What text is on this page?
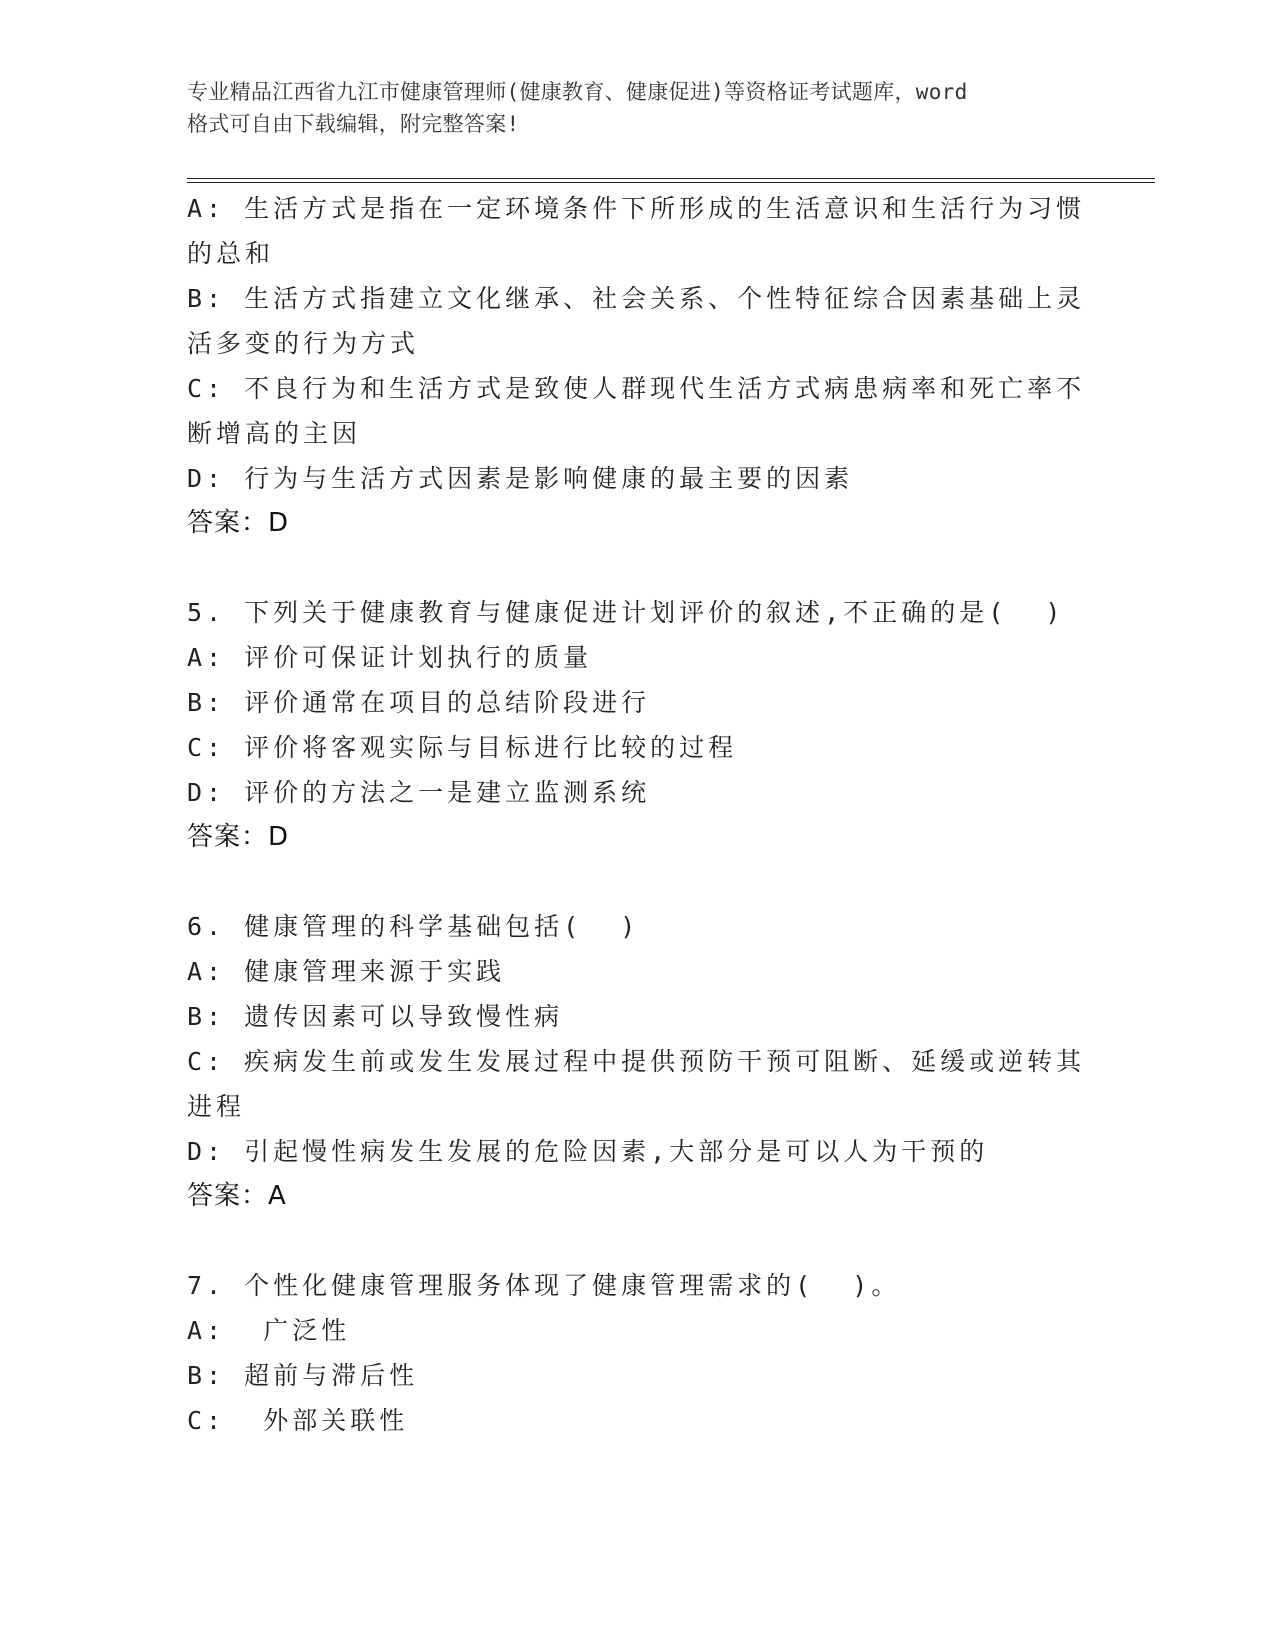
专业精品江西省九江市健康管理师(健康教育、健康促进)等资格证考试题库，word
格式可自由下载编辑，附完整答案!

A: 生活方式是指在一定环境条件下所形成的生活意识和生活行为习惯

的总和

B: 生活方式指建立文化继承、社会关系、个性特征综合因素基础上灵

活多变的行为方式

C: 不良行为和生活方式是致使人群现代生活方式病患病率和死亡率不

断增高的主因

D: 行为与生活方式因素是影响健康的最主要的因素

答案：D

5. 下列关于健康教育与健康促进计划评价的叙述,不正确的是(  )

A: 评价可保证计划执行的质量

B: 评价通常在项目的总结阶段进行

C: 评价将客观实际与目标进行比较的过程

D: 评价的方法之一是建立监测系统

答案：D

6. 健康管理的科学基础包括(  )

A: 健康管理来源于实践

B: 遗传因素可以导致慢性病

C: 疾病发生前或发生发展过程中提供预防干预可阻断、延缓或逆转其

进程

D: 引起慢性病发生发展的危险因素,大部分是可以人为干预的

答案：A

7. 个性化健康管理服务体现了健康管理需求的(  )。

A:  广泛性

B: 超前与滞后性

C:  外部关联性
